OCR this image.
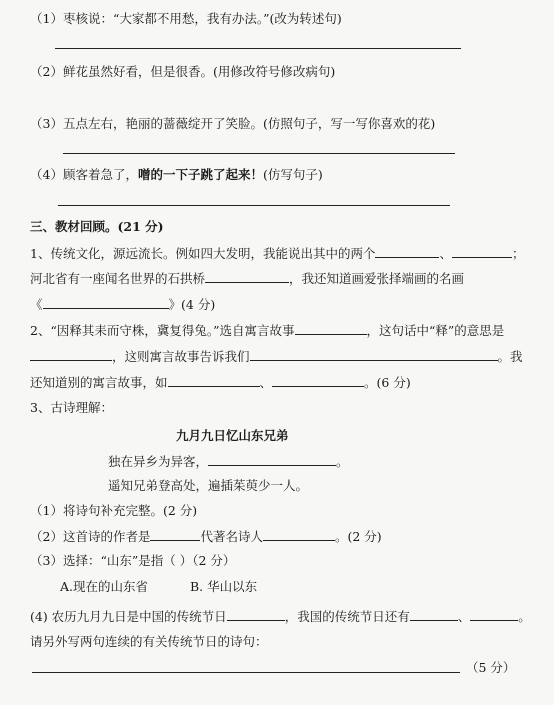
（1）枣核说：“大家都不用愁，我有办法。”(改为转述句)
（2）鲜花虽然好看，但是很香。(用修改符号修改病句)
（3）五点左右，艳丽的蔷薇绽开了笑脸。(仿照句子，写一写你喜欢的花)
（4）顾客着急了，噌的一下子跳了起来！(仿写句子)
三、教材回顾。(21 分)
1、传统文化，源远流长。例如四大发明，我能说出其中的两个	、	；
河北省有一座闻名世界的石拱桥	，我还知道画爱张择端画的名画
《	》(4 分)
2、“因释其耒而守株，冀复得兔。”选自寓言故事	，这句话中“释”的意思是
，这则寓言故事告诉我们	。我
还知道别的寓言故事，如	、	。(6 分)
3、古诗理解：
九月九日忆山东兄弟
独在异乡为异客，	。
遥知兄弟登高处，遍插茱萸少一人。
（1）将诗句补充完整。(2 分)
（2）这首诗的作者是	代著名诗人	。(2 分)
（3）选择：“山东”是指（ ）（2 分）
A.现在的山东省	B. 华山以东
(4) 农历九月九日是中国的传统节日	，我国的传统节日还有	、	。
请另外写两句连续的有关传统节日的诗句：
（5 分）
